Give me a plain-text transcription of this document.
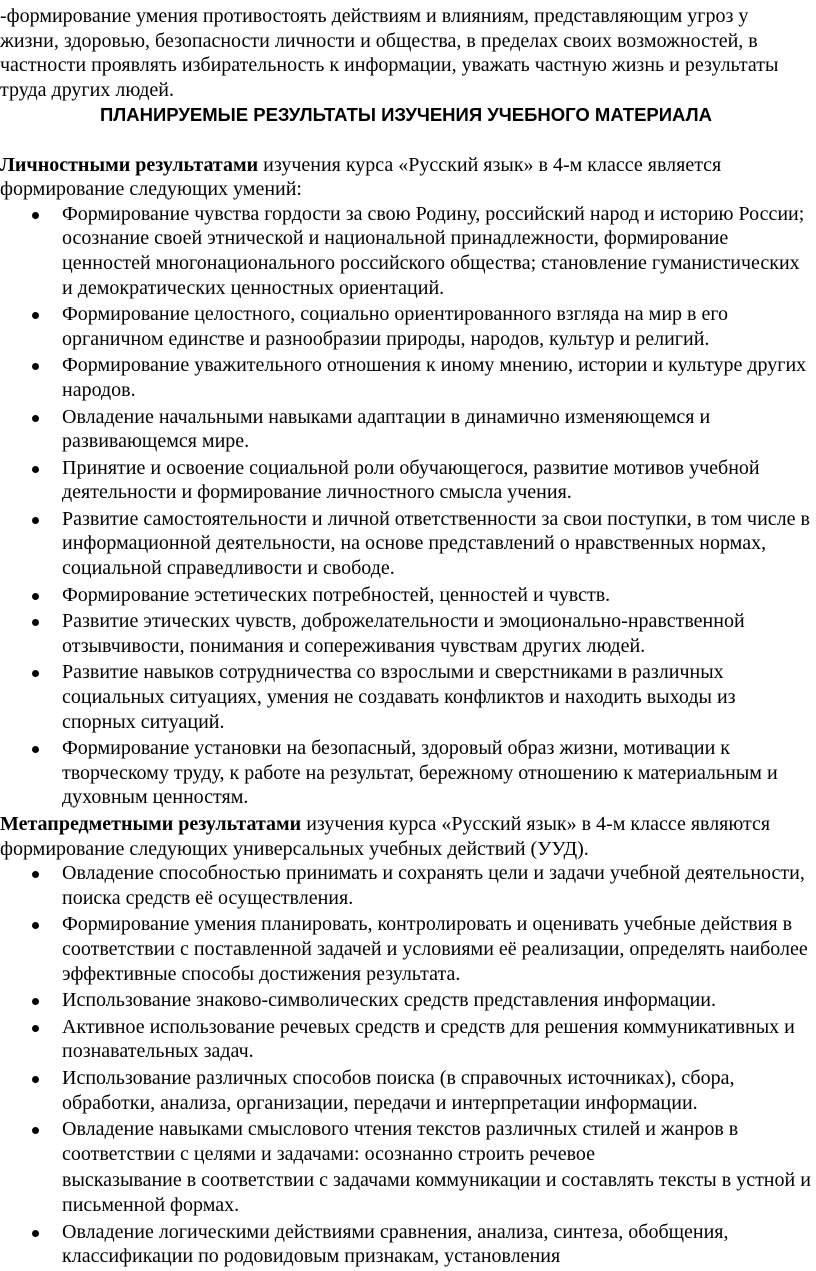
-формирование умения противостоять действиям и влияниям, представляющим угроз у жизни, здоровью, безопасности личности и общества, в пределах своих возможностей, в частности проявлять избирательность к информации, уважать частную жизнь и результаты труда других людей.

ПЛАНИРУЕМЫЕ РЕЗУЛЬТАТЫ ИЗУЧЕНИЯ УЧЕБНОГО МАТЕРИАЛА

Личностными результатами изучения курса «Русский язык» в 4-м классе является формирование следующих умений:

Формирование чувства гордости за свою Родину, российский народ и историю России; осознание своей этнической и национальной принадлежности, формирование ценностей многонационального российского общества; становление гуманистических и демократических ценностных ориентаций.
Формирование целостного, социально ориентированного взгляда на мир в его органичном единстве и разнообразии природы, народов, культур и религий.
Формирование уважительного отношения к иному мнению, истории и культуре других народов.
Овладение начальными навыками адаптации в динамично изменяющемся и развивающемся мире.
Принятие и освоение социальной роли обучающегося, развитие мотивов учебной деятельности и формирование личностного смысла учения.
Развитие самостоятельности и личной ответственности за свои поступки, в том числе в информационной деятельности, на основе представлений о нравственных нормах, социальной справедливости и свободе.
Формирование эстетических потребностей, ценностей и чувств.
Развитие этических чувств, доброжелательности и эмоционально-нравственной отзывчивости, понимания и сопереживания чувствам других людей.
Развитие навыков сотрудничества со взрослыми и сверстниками в различных социальных ситуациях, умения не создавать конфликтов и находить выходы из спорных ситуаций.
Формирование установки на безопасный, здоровый образ жизни, мотивации к творческому труду, к работе на результат, бережному отношению к материальным и духовным ценностям.

Метапредметными результатами изучения курса «Русский язык» в 4-м классе являются формирование следующих универсальных учебных действий (УУД).

Овладение способностью принимать и сохранять цели и задачи учебной деятельности, поиска средств её осуществления.
Формирование умения планировать, контролировать и оценивать учебные действия в соответствии с поставленной задачей и условиями её реализации, определять наиболее эффективные способы достижения результата.
Использование знаково-символических средств представления информации.
Активное использование речевых средств и средств для решения коммуникативных и познавательных задач.
Использование различных способов поиска (в справочных источниках), сбора, обработки, анализа, организации, передачи и интерпретации информации.
Овладение навыками смыслового чтения текстов различных стилей и жанров в соответствии с целями и задачами: осознанно строить речевое
высказывание в соответствии с задачами коммуникации и составлять тексты в устной и письменной формах.
Овладение логическими действиями сравнения, анализа, синтеза, обобщения, классификации по родовидовым признакам, установления
